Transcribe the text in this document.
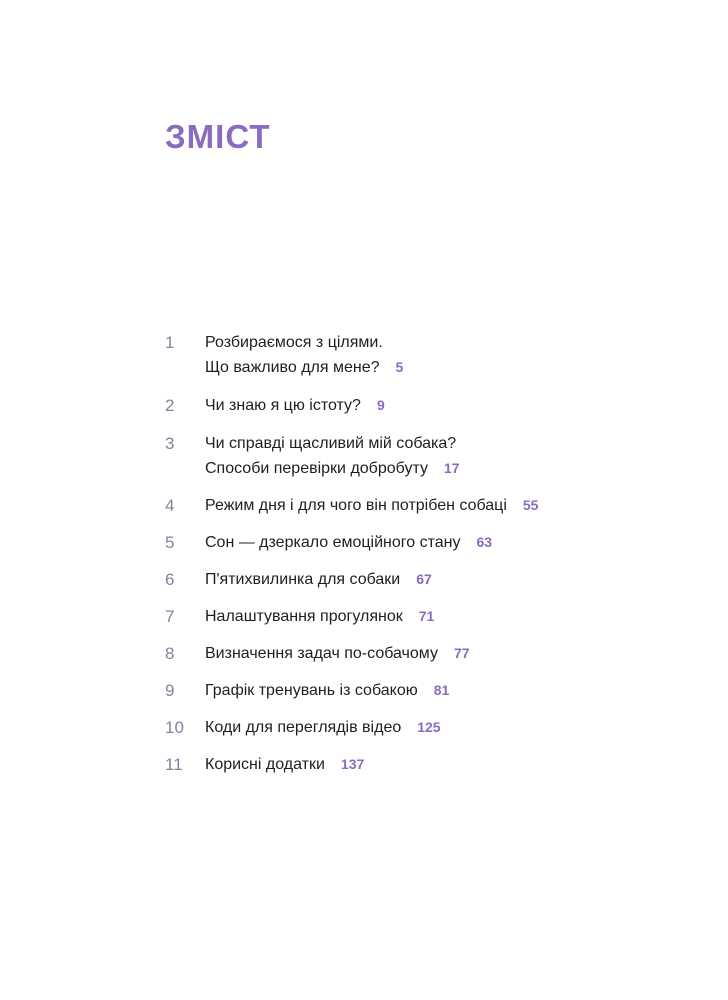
ЗМІСТ
1	Розбираємося з цілями.
Що важливо для мене? 5
2	Чи знаю я цю істоту? 9
3	Чи справді щасливий мій собака?
Способи перевірки добробуту 17
4	Режим дня і для чого він потрібен собаці 55
5	Сон — дзеркало емоційного стану 63
6	П'ятихвилинка для собаки 67
7	Налаштування прогулянок 71
8	Визначення задач по-собачому 77
9	Графік тренувань із собакою 81
10	Коди для переглядів відео 125
11	Корисні додатки 137
